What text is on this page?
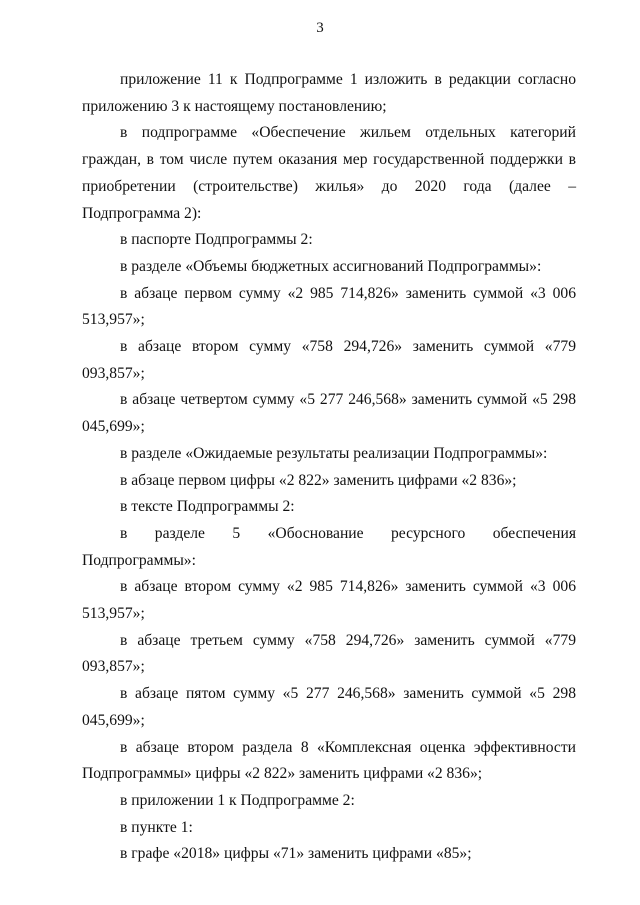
3

приложение 11 к Подпрограмме 1 изложить в редакции согласно приложению 3 к настоящему постановлению;

в подпрограмме «Обеспечение жильем отдельных категорий граждан, в том числе путем оказания мер государственной поддержки в приобретении (строительстве) жилья» до 2020 года (далее – Подпрограмма 2):

в паспорте Подпрограммы 2:

в разделе «Объемы бюджетных ассигнований Подпрограммы»:

в абзаце первом сумму «2 985 714,826» заменить суммой «3 006 513,957»;

в абзаце втором сумму «758 294,726» заменить суммой «779 093,857»;

в абзаце четвертом сумму «5 277 246,568» заменить суммой «5 298 045,699»;

в разделе «Ожидаемые результаты реализации Подпрограммы»:

в абзаце первом цифры «2 822» заменить цифрами «2 836»;

в тексте Подпрограммы 2:

в разделе 5 «Обоснование ресурсного обеспечения Подпрограммы»:

в абзаце втором сумму «2 985 714,826» заменить суммой «3 006 513,957»;

в абзаце третьем сумму «758 294,726» заменить суммой «779 093,857»;

в абзаце пятом сумму «5 277 246,568» заменить суммой «5 298 045,699»;

в абзаце втором раздела 8 «Комплексная оценка эффективности Подпрограммы» цифры «2 822» заменить цифрами «2 836»;

в приложении 1 к Подпрограмме 2:

в пункте 1:

в графе «2018» цифры «71» заменить цифрами «85»;
